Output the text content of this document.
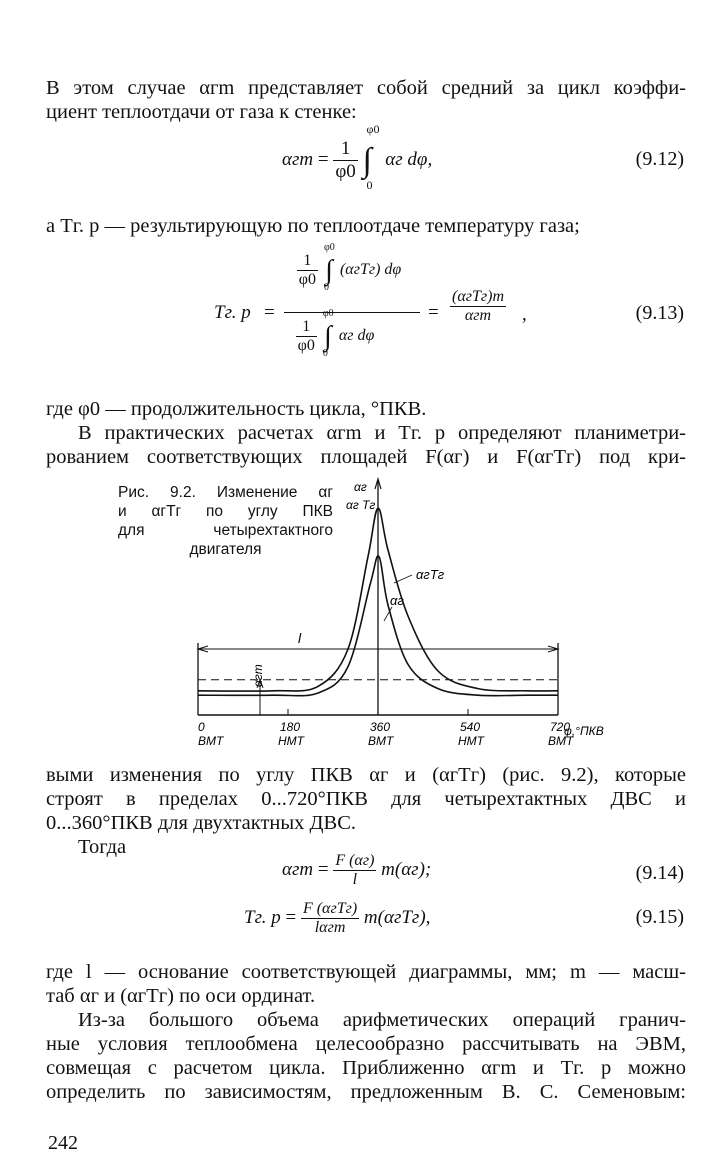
В этом случае αгm представляет собой средний за цикл коэффи-
циент теплоотдачи от газа к стенке:
$\alpha гm = \frac{1}{\varphi 0}$

φ0
∫
0
αг dφ,	(9.12)
а Tг. р — результирующую по теплоотдаче температуру газа;
Tг. р =
$\frac{1}{\varphi 0}$

φ0
∫
0
(αгTг) dφ
$\frac{1}{\varphi 0}$

φ0
∫
0
αг dφ
=
(αгTг)m
αгm	,	(9.13)
где φ0 — продолжительность цикла, °ПКВ.
В практических расчетах αгm и Tг. р определяют планиметри-
рованием соответствующих площадей F(αг) и F(αгTг) под кри-
Рис. 9.2. Изменение αг
и αгTг по углу ПКВ
для четырехтактного
двигателя
αг
αг Tг
αгTг
αг
l
αгm
φ,°ПКВ
0
ВМТ
180
НМТ
360
ВМТ
540
НМТ
720
ВМТ
выми изменения по углу ПКВ αг и (αгTг) (рис. 9.2), которые
строят в пределах 0...720°ПКВ для четырехтактных ДВС и
0...360°ПКВ для двухтактных ДВС.
Тогда
$\alpha гm = \frac{F (\alpha г)}{l} m(\alpha г)$;	(9.14)
Tг. $р = \frac{\text{F (αгTг)}}{\text{lαгm}} m(\alpha гTг)$,	(9.15)
где l — основание соответствующей диаграммы, мм; m — масш-
таб αг и (αгTг) по оси ординат.
Из-за большого объема арифметических операций гранич-
ные условия теплообмена целесообразно рассчитывать на ЭВМ,
совмещая с расчетом цикла. Приближенно αгm и Tг. р можно
определить по зависимостям, предложенным В. С. Семеновым:
242
